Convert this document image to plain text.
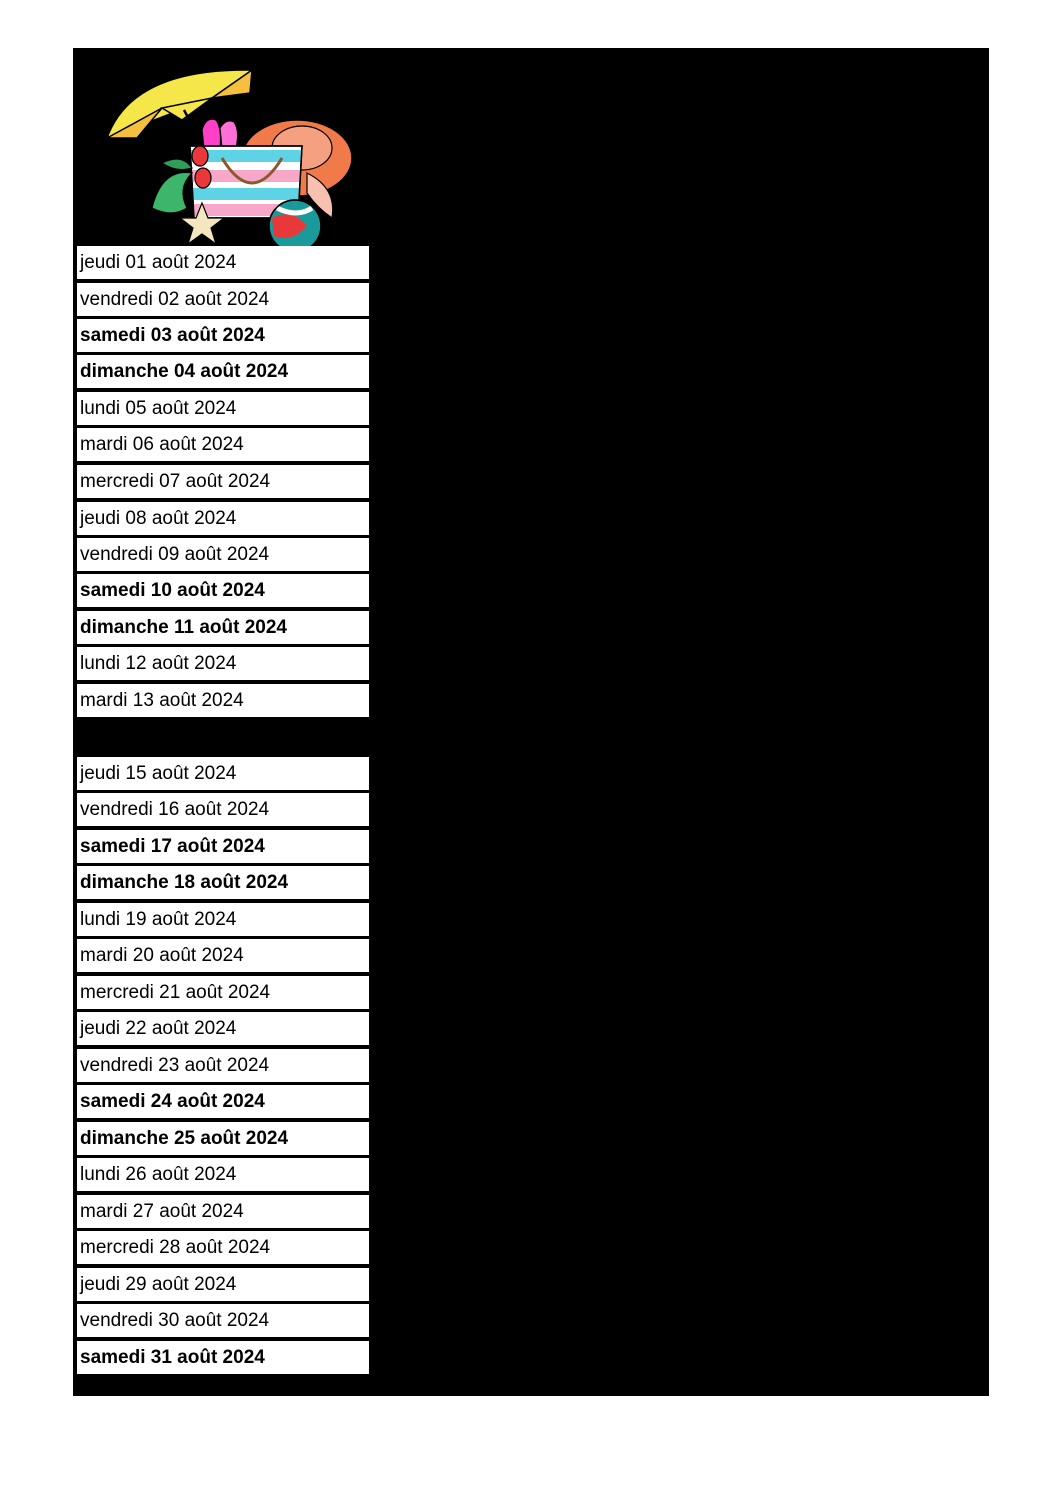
jeudi 01 août 2024
vendredi 02 août 2024
samedi 03 août 2024
dimanche 04 août 2024
lundi 05 août 2024
mardi 06 août 2024
mercredi 07 août 2024
jeudi 08 août 2024
vendredi 09 août 2024
samedi 10 août 2024
dimanche 11 août 2024
lundi 12 août 2024
mardi 13 août 2024
jeudi 15 août 2024
vendredi 16 août 2024
samedi 17 août 2024
dimanche 18 août 2024
lundi 19 août 2024
mardi 20 août 2024
mercredi 21 août 2024
jeudi 22 août 2024
vendredi 23 août 2024
samedi 24 août 2024
dimanche 25 août 2024
lundi 26 août 2024
mardi 27 août 2024
mercredi 28 août 2024
jeudi 29 août 2024
vendredi 30 août 2024
samedi 31 août 2024
